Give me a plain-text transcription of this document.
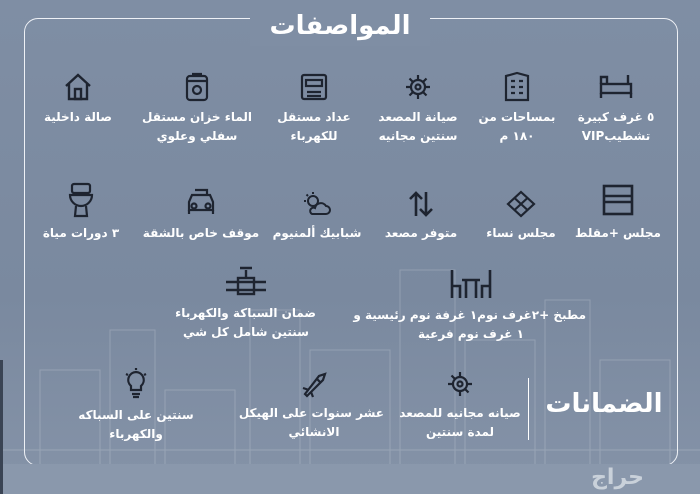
المواصفات
٥ غرف كبيرة
تشطيبVIP
بمساحات من
١٨٠ م
صيانة المصعد
سنتين مجانيه
عداد مستقل
للكهرباء
الماء خزان مستقل
سفلي وعلوي
صالة داخلية
مجلس +مقلط
مجلس نساء
متوفر مصعد
شبابيك ألمنيوم
موقف خاص بالشقة
٣ دورات مياة
مطبخ +٢غرف نوم١ غرفة نوم رئيسية و
١ غرف نوم فرعية
ضمان السباكة والكهرباء
سنتين شامل كل شي
الضمانات
صيانه مجانيه للمصعد
لمدة سنتين
عشر سنوات على الهيكل
الانشائي
سنتين على السباكه
والكهرباء
حراج
